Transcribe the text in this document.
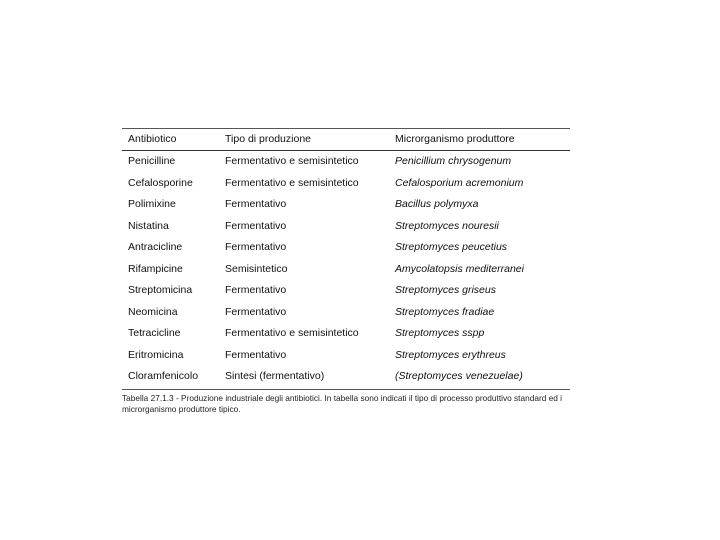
Antibiotico	Tipo di produzione	Microrganismo produttore
Penicilline	Fermentativo e semisintetico	Penicillium chrysogenum
Cefalosporine	Fermentativo e semisintetico	Cefalosporium acremonium
Polimixine	Fermentativo	Bacillus polymyxa
Nistatina	Fermentativo	Streptomyces nouresii
Antracicline	Fermentativo	Streptomyces peucetius
Rifampicine	Semisintetico	Amycolatopsis mediterranei
Streptomicina	Fermentativo	Streptomyces griseus
Neomicina	Fermentativo	Streptomyces fradiae
Tetracicline	Fermentativo e semisintetico	Streptomyces sspp
Eritromicina	Fermentativo	Streptomyces erythreus
Cloramfenicolo	Sintesi (fermentativo)	(Streptomyces venezuelae)
Tabella 27.1.3 - Produzione industriale degli antibiotici. In tabella sono indicati il tipo di processo produttivo standard ed i
microrganismo produttore tipico.
